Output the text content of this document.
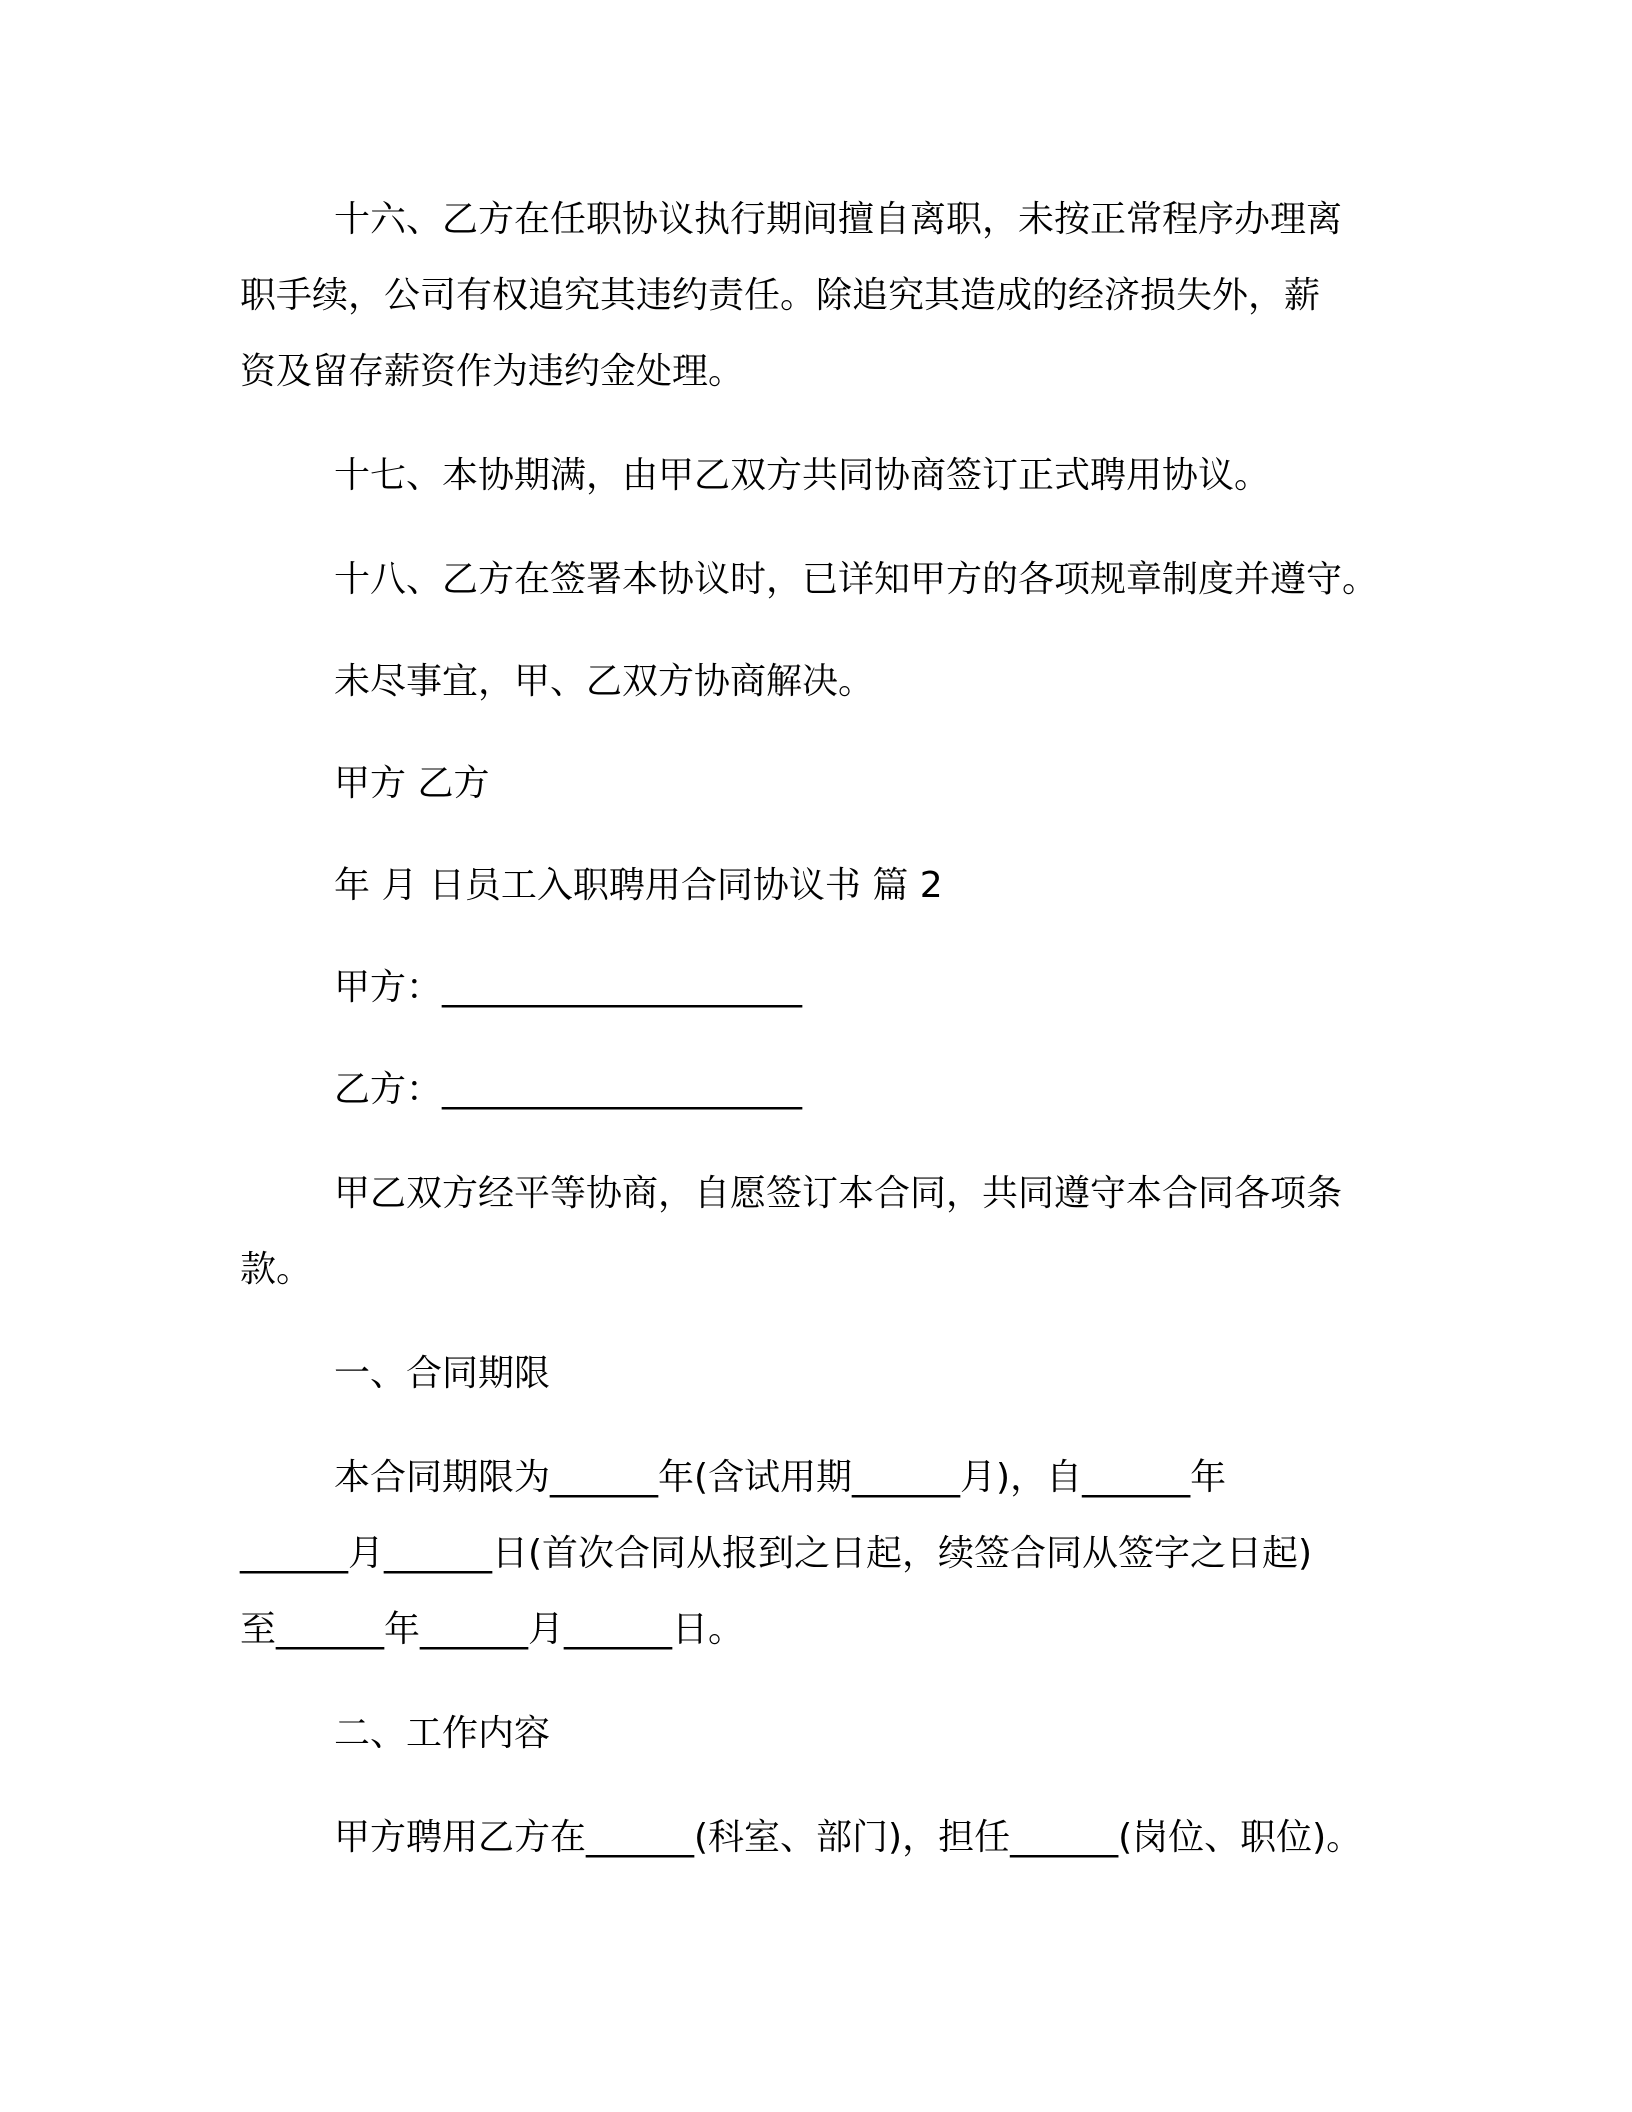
十六、乙方在任职协议执行期间擅自离职，未按正常程序办理离
职手续，公司有权追究其违约责任。除追究其造成的经济损失外，薪
资及留存薪资作为违约金处理。
十七、本协期满，由甲乙双方共同协商签订正式聘用协议。
十八、乙方在签署本协议时，已详知甲方的各项规章制度并遵守。
未尽事宜，甲、乙双方协商解决。
甲方 乙方
年 月 日员工入职聘用合同协议书 篇 2
甲方：____________________
乙方：____________________
甲乙双方经平等协商，自愿签订本合同，共同遵守本合同各项条
款。
一、合同期限
本合同期限为______年(含试用期______月)，自______年
______月______日(首次合同从报到之日起，续签合同从签字之日起)
至______年______月______日。
二、工作内容
甲方聘用乙方在______(科室、部门)，担任______(岗位、职位)。
